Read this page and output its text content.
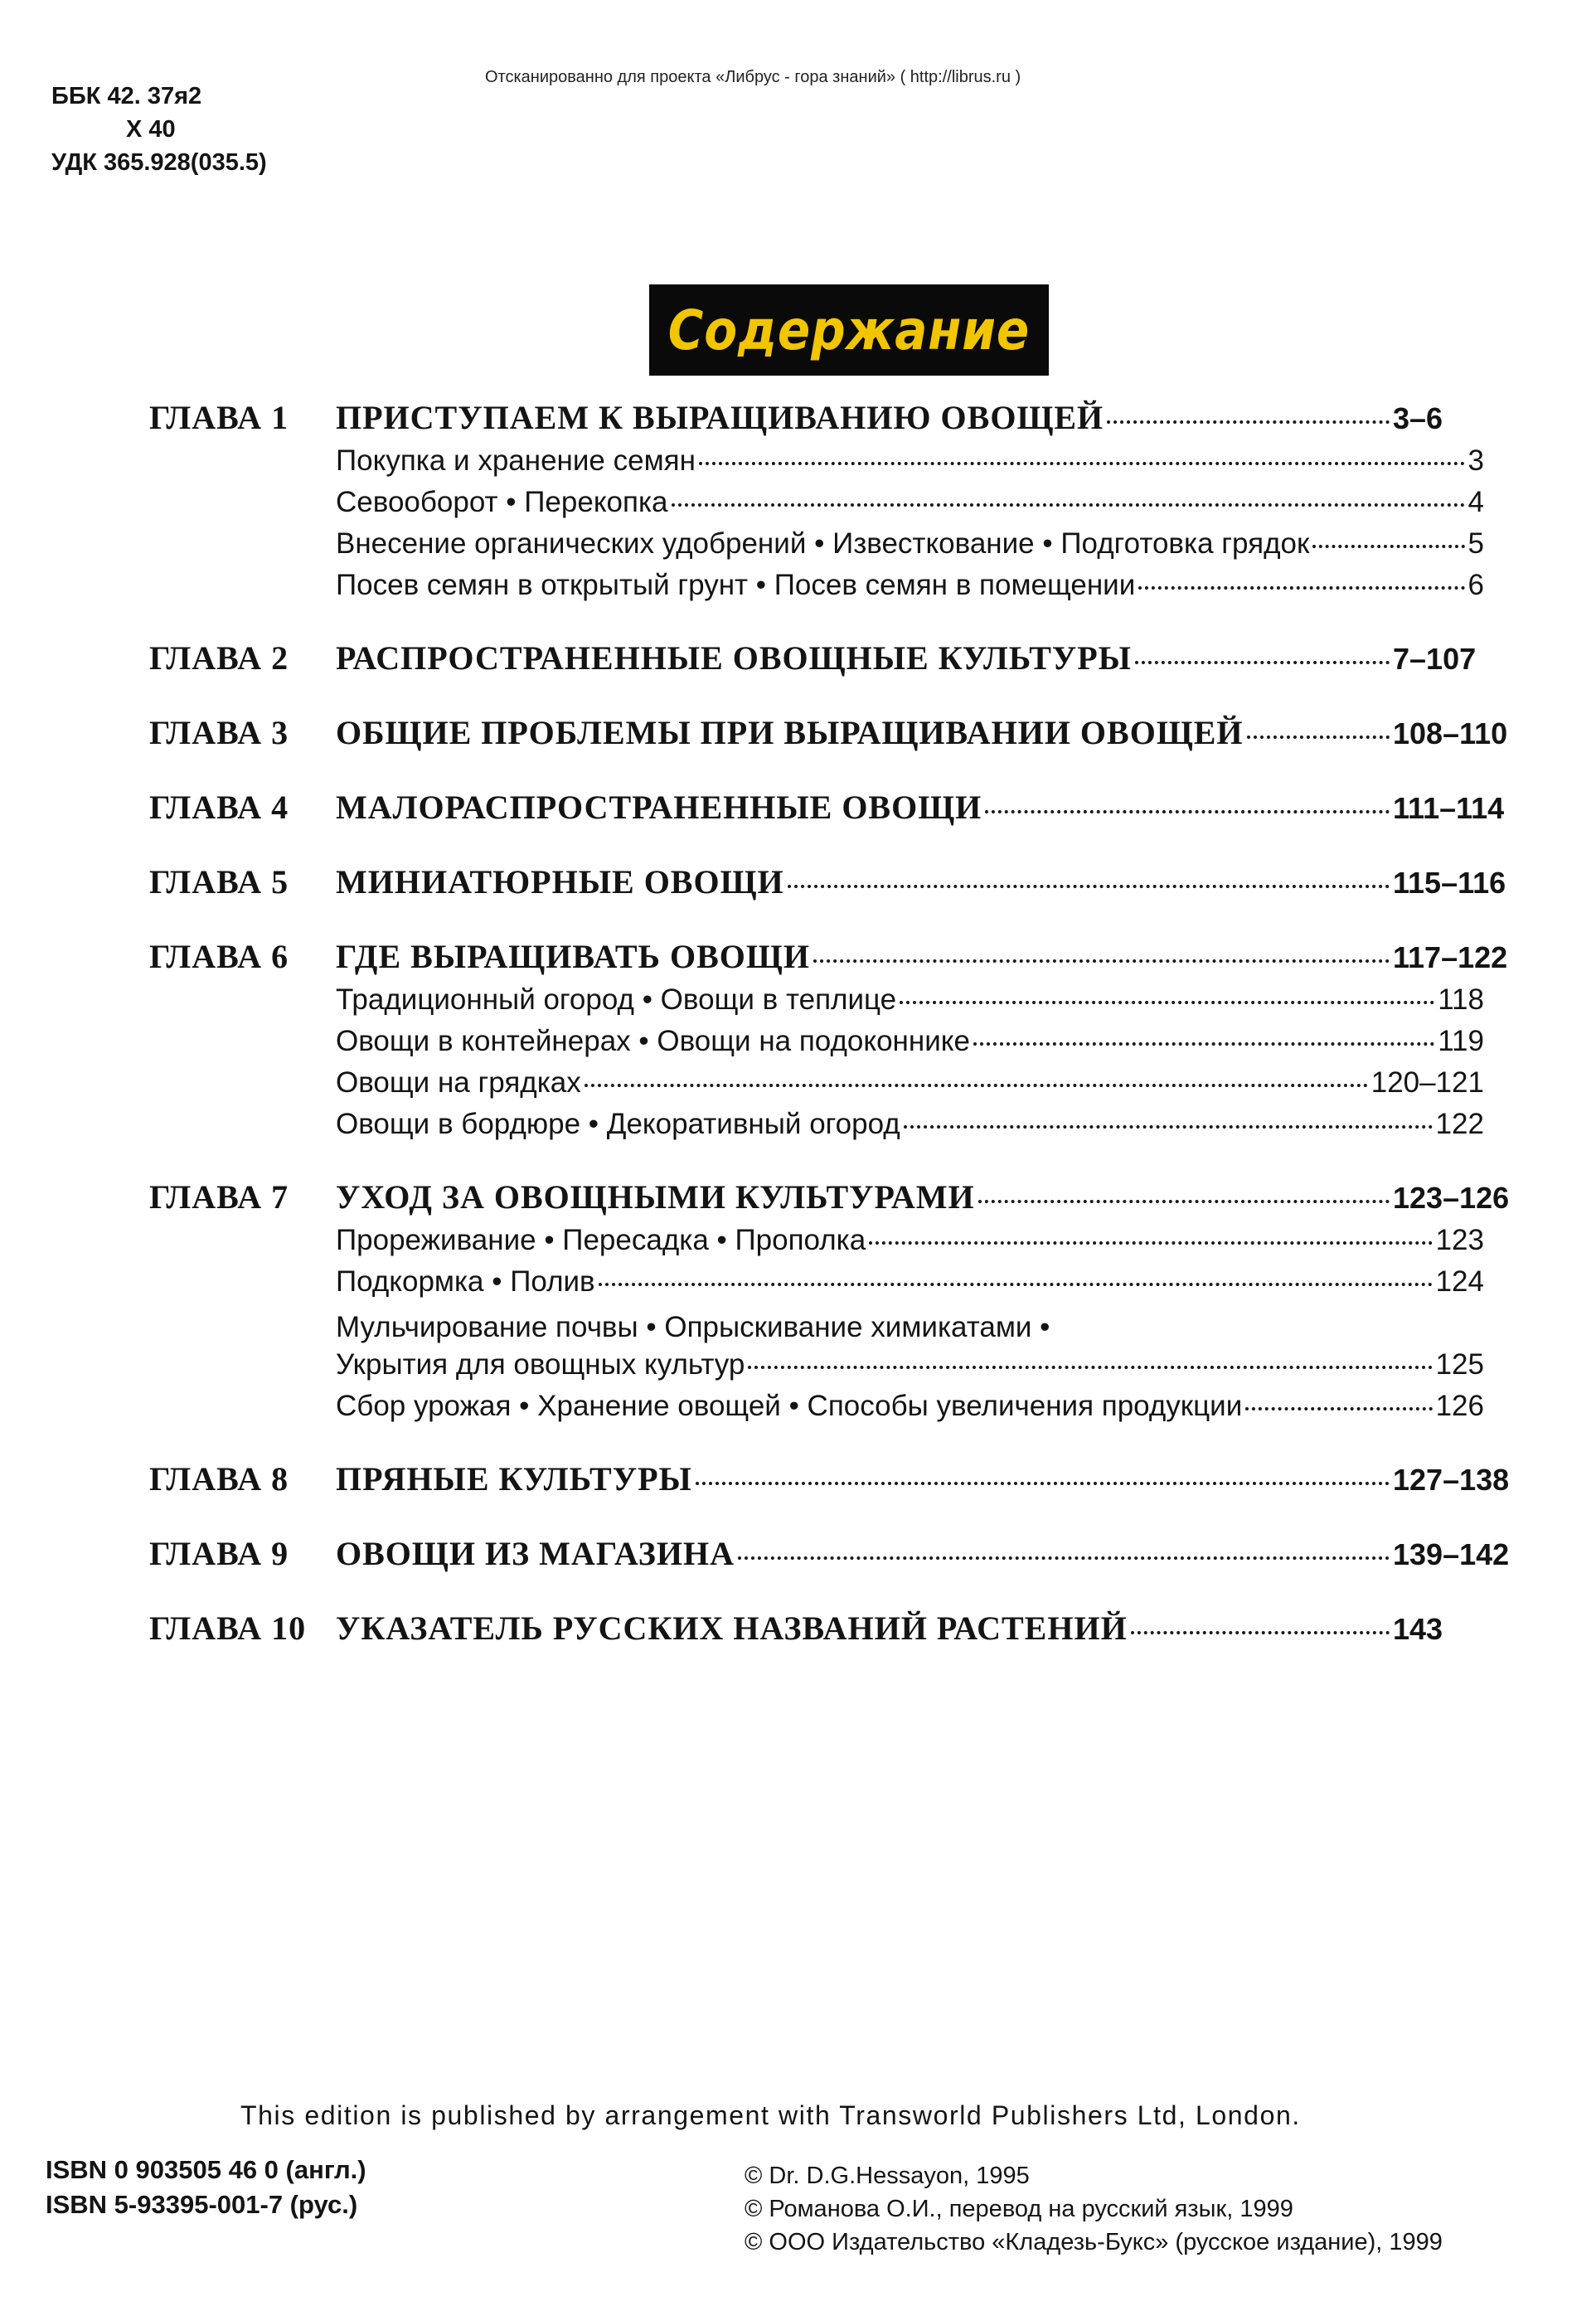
ББК 42. 37я2
Х 40
УДК 365.928(035.5)
Отсканированно для проекта «Либрус - гора знаний» ( http://librus.ru )
Содержание
ГЛАВА 1	ПРИСТУПАЕМ К ВЫРАЩИВАНИЮ ОВОЩЕЙ	3–6
Покупка и хранение семян	3
Севооборот • Перекопка	4
Внесение органических удобрений • Известкование • Подготовка грядок	5
Посев семян в открытый грунт • Посев семян в помещении	6
ГЛАВА 2	РАСПРОСТРАНЕННЫЕ ОВОЩНЫЕ КУЛЬТУРЫ	7–107
ГЛАВА 3	ОБЩИЕ ПРОБЛЕМЫ ПРИ ВЫРАЩИВАНИИ ОВОЩЕЙ	108–110
ГЛАВА 4	МАЛОРАСПРОСТРАНЕННЫЕ ОВОЩИ	111–114
ГЛАВА 5	МИНИАТЮРНЫЕ ОВОЩИ	115–116
ГЛАВА 6	ГДЕ ВЫРАЩИВАТЬ ОВОЩИ	117–122
Традиционный огород • Овощи в теплице	118
Овощи в контейнерах • Овощи на подоконнике	119
Овощи на грядках	120–121
Овощи в бордюре • Декоративный огород	122
ГЛАВА 7	УХОД ЗА ОВОЩНЫМИ КУЛЬТУРАМИ	123–126
Прореживание • Пересадка • Прополка	123
Подкормка • Полив	124
Мульчирование почвы • Опрыскивание химикатами •
Укрытия для овощных культур	125
Сбор урожая • Хранение овощей • Способы увеличения продукции	126
ГЛАВА 8	ПРЯНЫЕ КУЛЬТУРЫ	127–138
ГЛАВА 9	ОВОЩИ ИЗ МАГАЗИНА	139–142
ГЛАВА 10 УКАЗАТЕЛЬ РУССКИХ НАЗВАНИЙ РАСТЕНИЙ	143
This edition is published by arrangement with Transworld Publishers Ltd, London.
ISBN 0 903505 46 0 (англ.)
ISBN 5-93395-001-7 (рус.)
© Dr. D.G.Hessayon, 1995
© Романова О.И., перевод на русский язык, 1999
© ООО Издательство «Кладезь-Букс» (русское издание), 1999
